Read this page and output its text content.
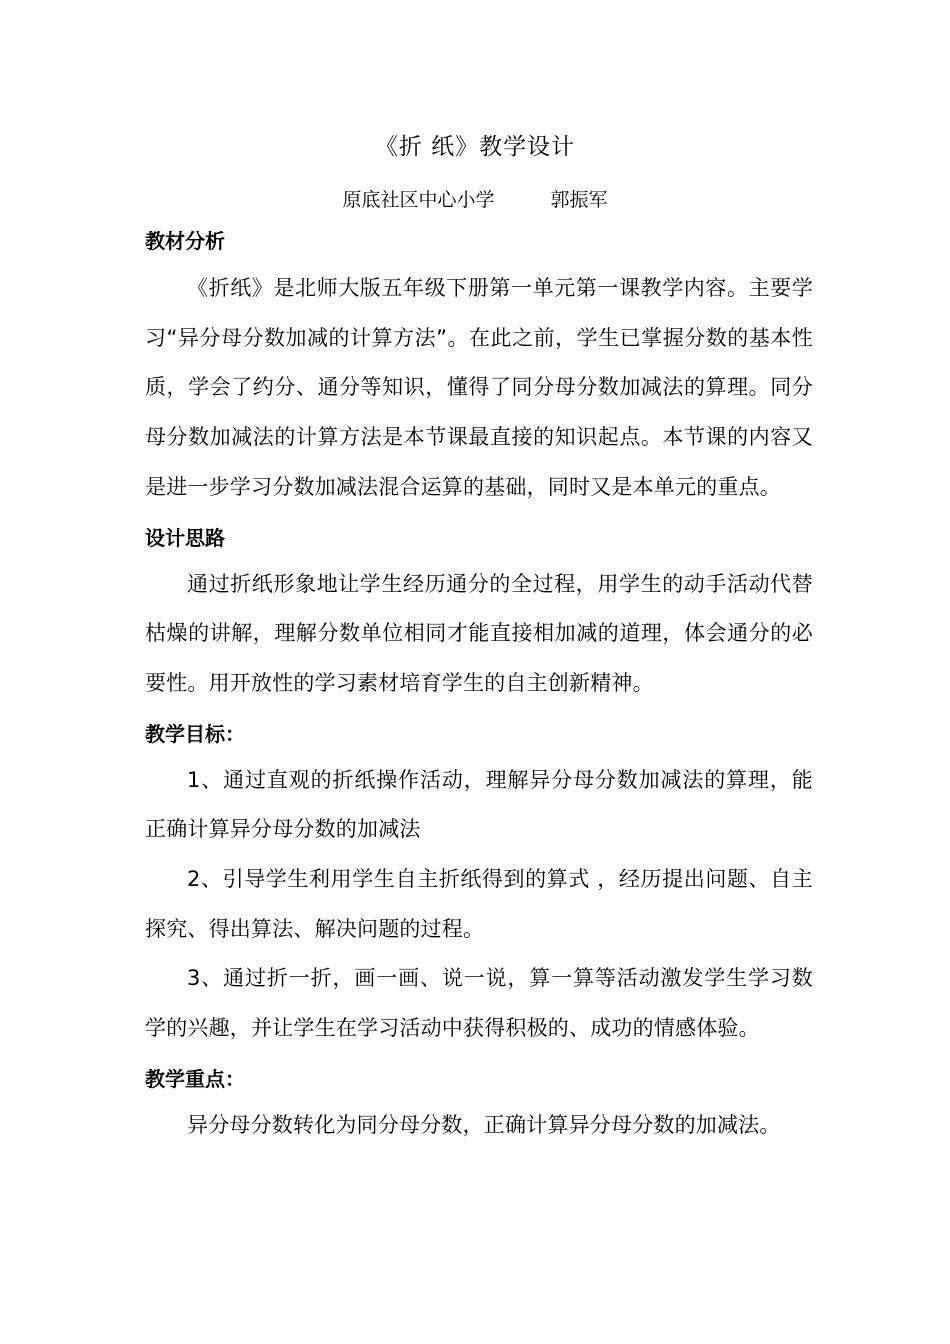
《折 纸》教学设计
原底社区中心小学	郭振军
教材分析

《折纸》是北师大版五年级下册第一单元第一课教学内容。主要学习“异分母分数加减的计算方法”。在此之前，学生已掌握分数的基本性质，学会了约分、通分等知识，懂得了同分母分数加减法的算理。同分母分数加减法的计算方法是本节课最直接的知识起点。本节课的内容又是进一步学习分数加减法混合运算的基础，同时又是本单元的重点。

设计思路

通过折纸形象地让学生经历通分的全过程，用学生的动手活动代替枯燥的讲解，理解分数单位相同才能直接相加减的道理，体会通分的必要性。用开放性的学习素材培育学生的自主创新精神。

教学目标：

1、通过直观的折纸操作活动，理解异分母分数加减法的算理，能正确计算异分母分数的加减法

2、引导学生利用学生自主折纸得到的算式 ，经历提出问题、自主探究、得出算法、解决问题的过程。

3、通过折一折，画一画、说一说，算一算等活动激发学生学习数学的兴趣，并让学生在学习活动中获得积极的、成功的情感体验。

教学重点：

异分母分数转化为同分母分数，正确计算异分母分数的加减法。
